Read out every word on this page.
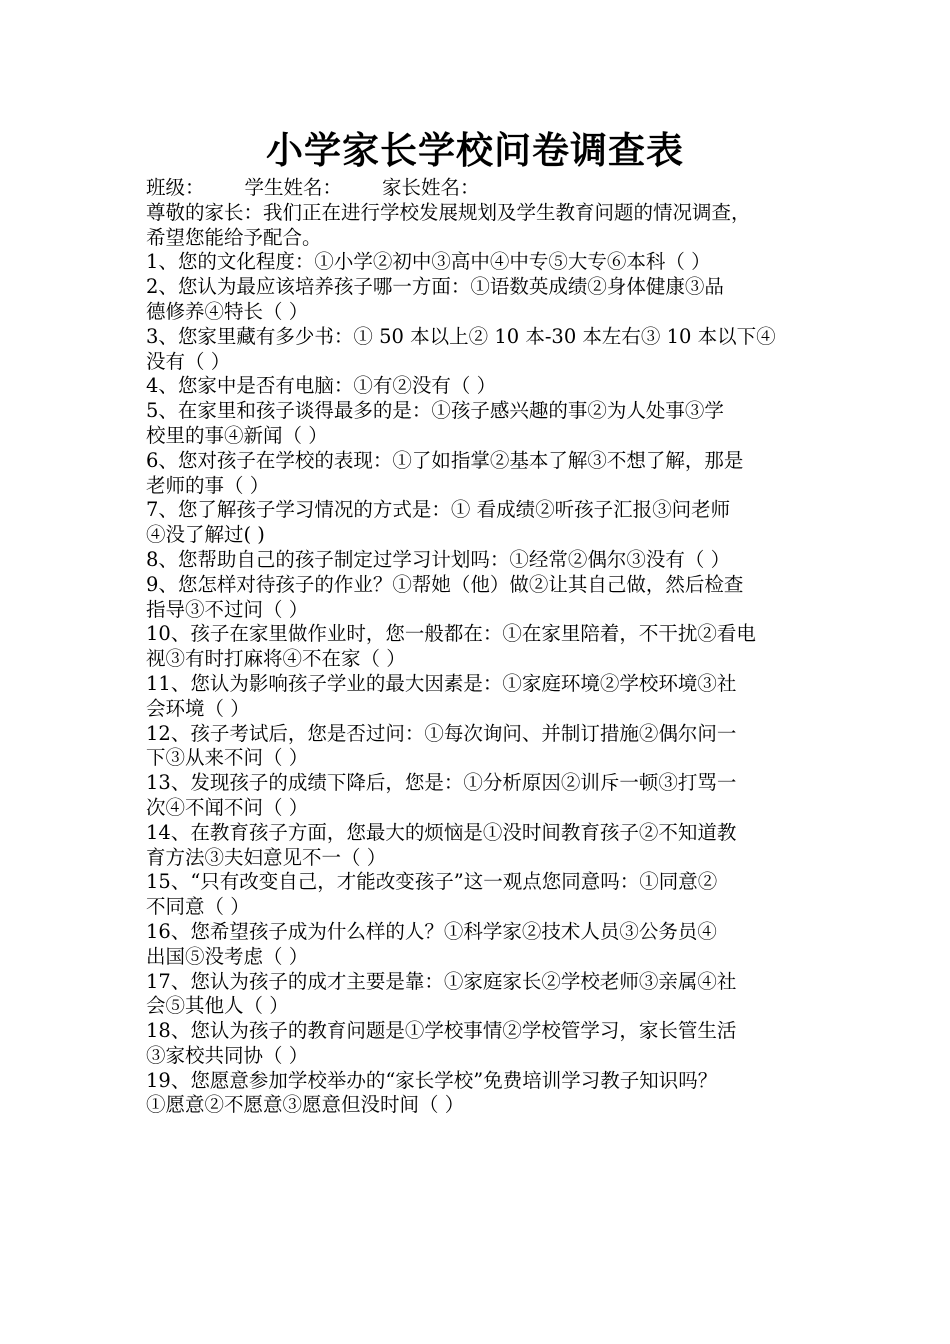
小学家长学校问卷调查表
班级： 学生姓名： 家长姓名：
尊敬的家长：我们正在进行学校发展规划及学生教育问题的情况调查，
希望您能给予配合。
1、您的文化程度：①小学②初中③高中④中专⑤大专⑥本科（ ）
2、您认为最应该培养孩子哪一方面：①语数英成绩②身体健康③品
德修养④特长（ ）
3、您家里藏有多少书：① 50 本以上② 10 本-30 本左右③ 10 本以下④
没有（ ）
4、您家中是否有电脑：①有②没有（ ）
5、在家里和孩子谈得最多的是：①孩子感兴趣的事②为人处事③学
校里的事④新闻（ ）
6、您对孩子在学校的表现：①了如指掌②基本了解③不想了解，那是
老师的事（ ）
7、您了解孩子学习情况的方式是：① 看成绩②听孩子汇报③问老师
④没了解过( )
8、您帮助自己的孩子制定过学习计划吗：①经常②偶尔③没有（ ）
9、您怎样对待孩子的作业？①帮她（他）做②让其自己做，然后检查
指导③不过问（ ）
10、孩子在家里做作业时，您一般都在：①在家里陪着，不干扰②看电
视③有时打麻将④不在家（ ）
11、您认为影响孩子学业的最大因素是：①家庭环境②学校环境③社
会环境（ ）
12、孩子考试后，您是否过问：①每次询问、并制订措施②偶尔问一
下③从来不问（ ）
13、发现孩子的成绩下降后，您是：①分析原因②训斥一顿③打骂一
次④不闻不问（ ）
14、在教育孩子方面，您最大的烦恼是①没时间教育孩子②不知道教
育方法③夫妇意见不一（ ）
15、“只有改变自己，才能改变孩子”这一观点您同意吗：①同意②
不同意（ ）
16、您希望孩子成为什么样的人？①科学家②技术人员③公务员④
出国⑤没考虑（ ）
17、您认为孩子的成才主要是靠：①家庭家长②学校老师③亲属④社
会⑤其他人（ ）
18、您认为孩子的教育问题是①学校事情②学校管学习，家长管生活
③家校共同协（ ）
19、您愿意参加学校举办的“家长学校”免费培训学习教子知识吗？
①愿意②不愿意③愿意但没时间（ ）
